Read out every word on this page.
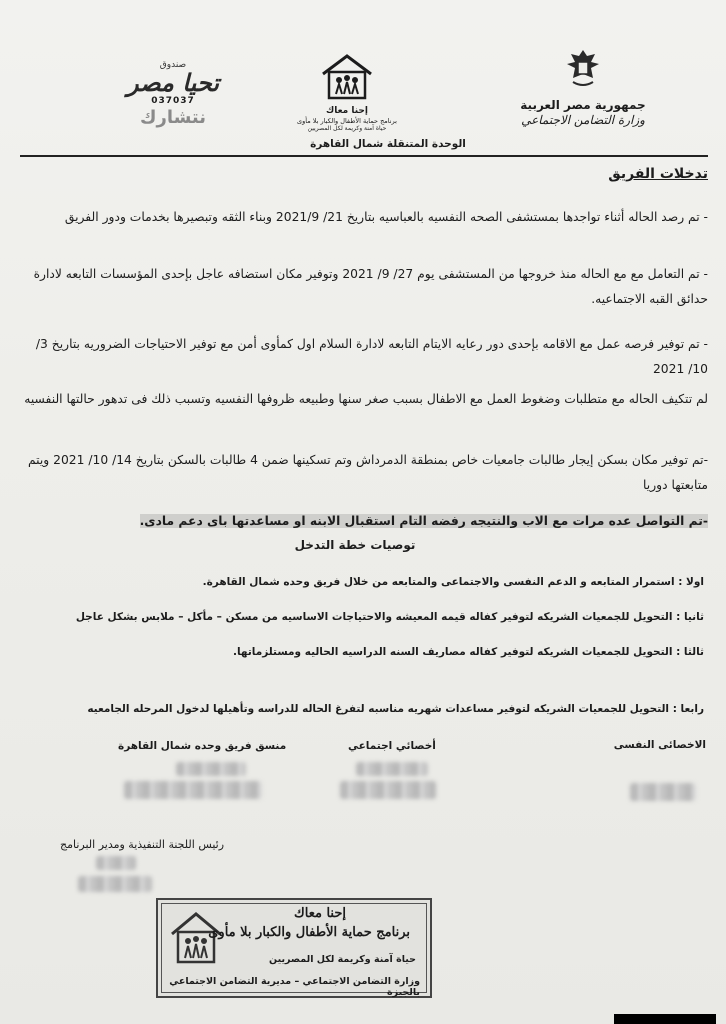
جمهورية مصر العربية
وزارة التضامن الاجتماعي
إحنا معاك
برنامج حماية الأطفال والكبار بلا مأوى
حياة آمنة وكريمة لكل المصريين
صندوق
تحيا مصر
037037
نتشارك
الوحدة المتنقلة شمال القاهرة
تدخلات الفريق
- تم رصد الحاله أثناء تواجدها بمستشفى الصحه النفسيه بالعباسيه بتاريخ 21/ 2021/9 وبناء الثقه وتبصيرها بخدمات ودور الفريق
- تم التعامل مع مع الحاله منذ خروجها من المستشفى يوم 27/ 9/ 2021 وتوفير مكان استضافه عاجل بإحدى المؤسسات التابعه لادارة حدائق القبه الاجتماعيه.
- تم توفير فرصه عمل مع الاقامه بإحدى دور رعايه الايتام التابعه لادارة السلام اول كمأوى أمن مع توفير الاحتياجات الضروريه بتاريخ 3/ 10/ 2021
لم تتكيف الحاله مع متطلبات وضغوط العمل مع الاطفال بسبب صغر سنها وطبيعه ظروفها النفسيه وتسبب ذلك فى تدهور حالتها النفسيه
-تم توفير مكان بسكن إيجار طالبات جامعيات خاص بمنطقة الدمرداش وتم تسكينها ضمن 4 طالبات بالسكن بتاريخ 14/ 10/ 2021 ويتم متابعتها دوريا
-تم التواصل عده مرات مع الاب والنتيجه رفضه التام استقبال الابنه او مساعدتها باى دعم مادى.
توصيات خطة التدخل
اولا : استمرار المتابعه و الدعم النفسى والاجتماعى والمتابعه من خلال فريق وحده شمال القاهرة.
ثانيا : التحويل للجمعيات الشريكه لتوفير كفاله قيمه المعيشه والاحتياجات الاساسيه من مسكن – مأكل – ملابس بشكل عاجل
ثالثا : التحويل للجمعيات الشريكه لتوفير كفاله مصاريف السنه الدراسيه الحاليه ومستلزماتها.
رابعا : التحويل للجمعيات الشريكه لتوفير مساعدات شهريه مناسبه لتفرغ الحاله للدراسه وتأهيلها لدخول المرحله الجامعيه
الاخصائى النفسى
أخصائي اجتماعي
منسق فريق وحده شمال القاهرة
رئيس اللجنة التنفيذية ومدير البرنامج
إحنا معاك
برنامج حماية الأطفال والكبار بلا مأوى
حياة آمنة وكريمة لكل المصريين
وزارة التضامن الاجتماعي – مديرية التضامن الاجتماعي بالجيزة
